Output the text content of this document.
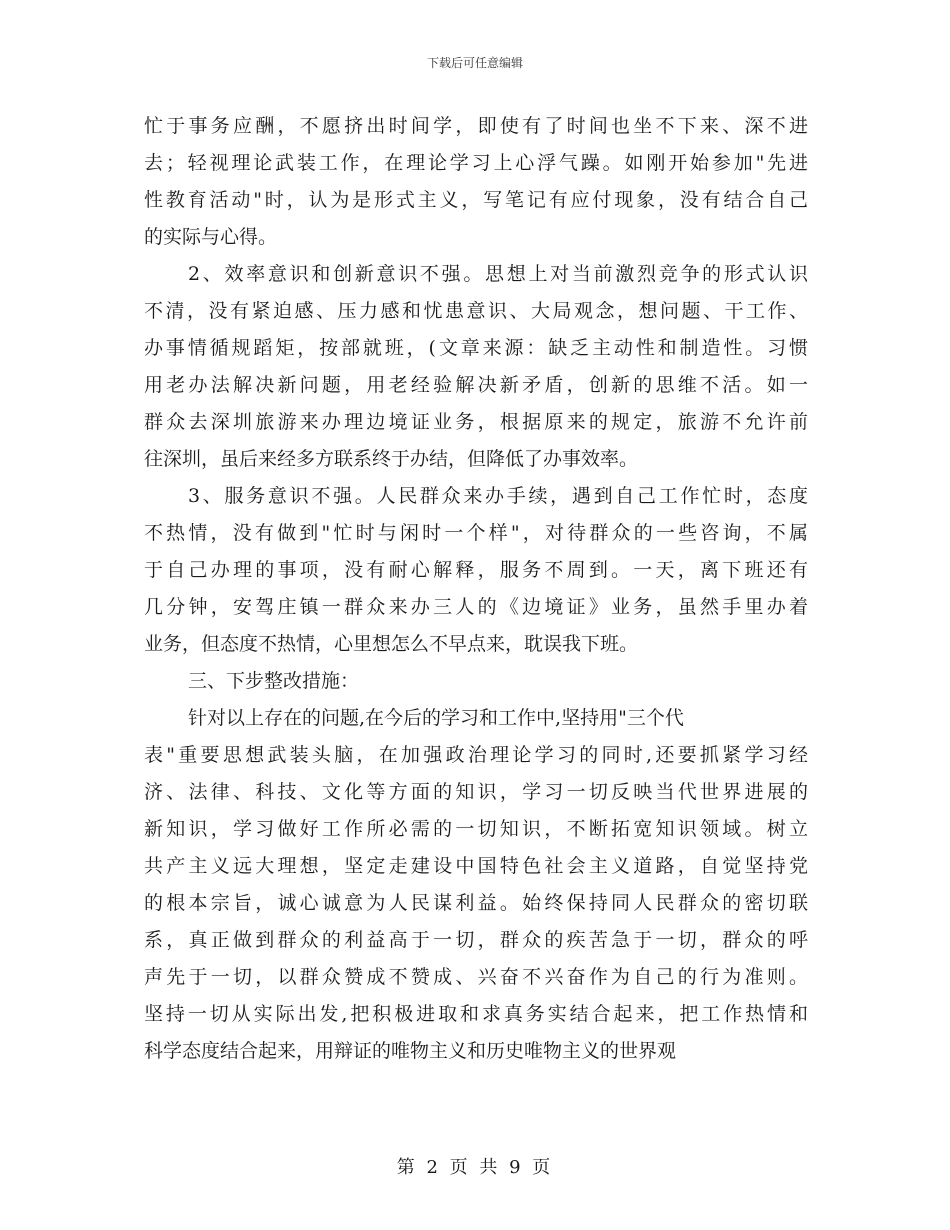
下载后可任意编辑
忙于事务应酬，不愿挤出时间学，即使有了时间也坐不下来、深不进
去；轻视理论武装工作，在理论学习上心浮气躁。如刚开始参加"先进
性教育活动"时，认为是形式主义，写笔记有应付现象，没有结合自己
的实际与心得。
2、效率意识和创新意识不强。思想上对当前激烈竞争的形式认识
不清，没有紧迫感、压力感和忧患意识、大局观念，想问题、干工作、
办事情循规蹈矩，按部就班，(文章来源：缺乏主动性和制造性。习惯
用老办法解决新问题，用老经验解决新矛盾，创新的思维不活。如一
群众去深圳旅游来办理边境证业务，根据原来的规定，旅游不允许前
往深圳，虽后来经多方联系终于办结，但降低了办事效率。
3、服务意识不强。人民群众来办手续，遇到自己工作忙时，态度
不热情，没有做到"忙时与闲时一个样"，对待群众的一些咨询，不属
于自己办理的事项，没有耐心解释，服务不周到。一天，离下班还有
几分钟，安驾庄镇一群众来办三人的《边境证》业务，虽然手里办着
业务，但态度不热情，心里想怎么不早点来，耽误我下班。
三、下步整改措施：
针对以上存在的问题,在今后的学习和工作中,坚持用"三个代
表"重要思想武装头脑，在加强政治理论学习的同时,还要抓紧学习经
济、法律、科技、文化等方面的知识，学习一切反映当代世界进展的
新知识，学习做好工作所必需的一切知识，不断拓宽知识领域。树立
共产主义远大理想，坚定走建设中国特色社会主义道路，自觉坚持党
的根本宗旨，诚心诚意为人民谋利益。始终保持同人民群众的密切联
系，真正做到群众的利益高于一切，群众的疾苦急于一切，群众的呼
声先于一切，以群众赞成不赞成、兴奋不兴奋作为自己的行为准则。
坚持一切从实际出发,把积极进取和求真务实结合起来，把工作热情和
科学态度结合起来，用辩证的唯物主义和历史唯物主义的世界观
第 2 页 共 9 页
